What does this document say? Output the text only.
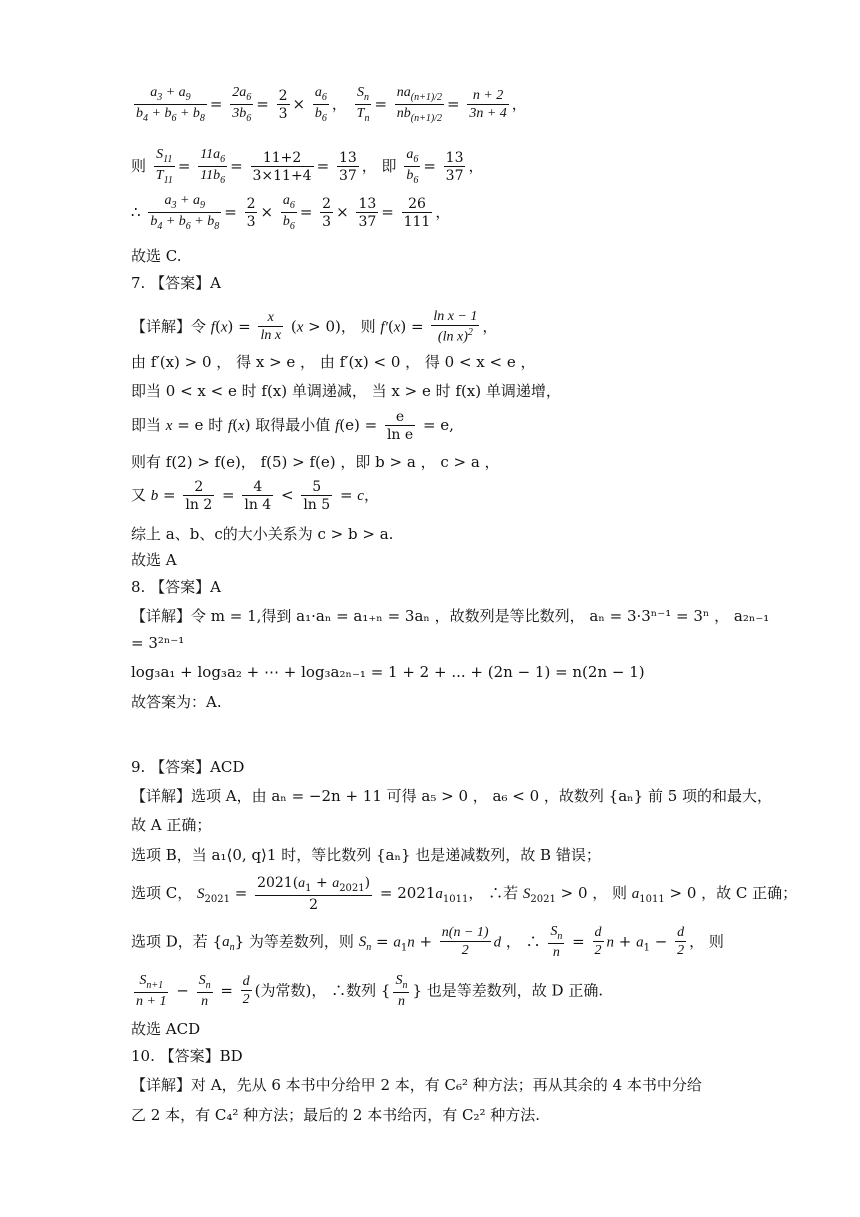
$\frac{a_3 + a_9}{b_4 + b_6 + b_8} = \frac{2a_6}{3b_6} = \frac{2}{3} \times \frac{a_6}{b_6}$ ， $\frac{S_n}{T_n} = \frac{na_{(n+1)/2}}{nb_{(n+1)/2}} = \frac{n + 2}{3n + 4}$ ，
则 $\frac{S_{11}}{T_{11}} = \frac{11a_6}{11b_6} = \frac{11+2}{3\times 11+4} = \frac{13}{37}$ ， 即 $\frac{a_6}{b_6} = \frac{13}{37}$ ，
∴ $\frac{a_3 + a_9}{b_4 + b_6 + b_8} = \frac{2}{3} \times \frac{a_6}{b_6} = \frac{2}{3} \times \frac{13}{37} = \frac{26}{111}$ ，
故选 C.
7. 【答案】A
【详解】令 $f(x) = \frac{x}{\text{ln x}} (x > 0)$， 则 $f'(x) = \frac{\text{ln x − 1}}{(\ln x)^2}$ ，
由 f′(x) > 0 ， 得 x > e ， 由 f′(x) < 0 ， 得 0 < x < e ，
即当 0 < x < e 时 f(x) 单调递减， 当 x > e 时 f(x) 单调递增，
即当 x = e 时 f(x) 取得最小值 $f(e) = \frac{e}{\text{ln e}} = e$,
则有 f(2) > f(e)， f(5) > f(e) ，即 b > a ， c > a ，
又 $b = \frac{2}{\ln 2} = \frac{4}{\ln 4} < \frac{5}{\ln 5} = c$，
综上 a、b、c的大小关系为 c > b > a.
故选 A
8. 【答案】A
【详解】令 m = 1,得到 a₁·aₙ = a₁₊ₙ = 3aₙ ，故数列是等比数列， aₙ = 3·3ⁿ⁻¹ = 3ⁿ ， a₂ₙ₋₁
= 3²ⁿ⁻¹
log₃a₁ + log₃a₂ + ⋯ + log₃a₂ₙ₋₁ = 1 + 2 + ... + (2n − 1) = n(2n − 1)
故答案为：A.
9. 【答案】ACD
【详解】选项 A，由 aₙ = −2n + 11 可得 a₅ > 0 ， a₆ < 0 ，故数列 {aₙ} 前 5 项的和最大，
故 A 正确；
选项 B，当 a₁⟨0, q⟩1 时，等比数列 {aₙ} 也是递减数列，故 B 错误；
选项 C， $S_{2021} = \frac{2021(a_1 + a_{2021})}{2} = 2021a_{1011}$， ∴若 $S_{2021} > 0$ ， 则 $a_{1011} > 0$ ，故 C 正确；
选项 D，若 $\{a_n\}$ 为等差数列，则 $S_n = a_1n + \frac{n(n - 1)}{2}$ d ， ∴ $\frac{S_n}{n} = \frac{d}{2}$ $n + a_1 - \frac{d}{2}$ ， 则
$\frac{S_{n+1}}{n + 1} - \frac{S_n}{n} = \frac{d}{2}$ (为常数)， ∴数列 { $\frac{S_n}{n}$ } 也是等差数列，故 D 正确.
故选 ACD
10. 【答案】BD
【详解】对 A，先从 6 本书中分给甲 2 本，有 C₆² 种方法；再从其余的 4 本书中分给
乙 2 本，有 C₄² 种方法；最后的 2 本书给丙，有 C₂² 种方法.
